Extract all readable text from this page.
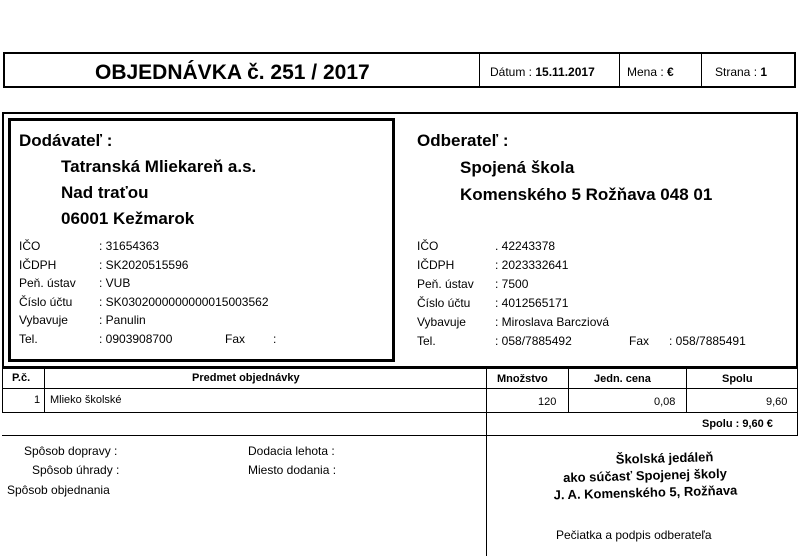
OBJEDNÁVKA č. 251 / 2017	Dátum : 15.11.2017	Mena : €	Strana : 1
Dodávateľ :
Tatranská Mliekareň a.s.
Nad traťou
06001 Kežmarok
IČO	: 31654363
IČDPH	: SK2020515596
Peň. ústav : VUB
Číslo účtu : SK0302000000000015003562
Vybavuje	: Panulin
Tel.	: 0903908700	Fax :
Odberateľ :
Spojená škola
Komenského 5 Rožňava 048 01
IČO	. 42243378
IČDPH	: 2023332641
Peň. ústav : 7500
Číslo účtu : 4012565171
Vybavuje : Miroslava Barcziová
Tel.	: 058/7885492	Fax : 058/7885491
P.č.	Predmet objednávky	Množstvo	Jedn. cena	Spolu
1 Mlieko školské	120	0,08	9,60
Spolu : 9,60 €
Spôsob dopravy :
Spôsob úhrady :
Spôsob objednania
Dodacia lehota :
Miesto dodania :
Školská jedáleň
ako súčasť Spojenej školy
J. A. Komenského 5, Rožňava
Pečiatka a podpis odberateľa
